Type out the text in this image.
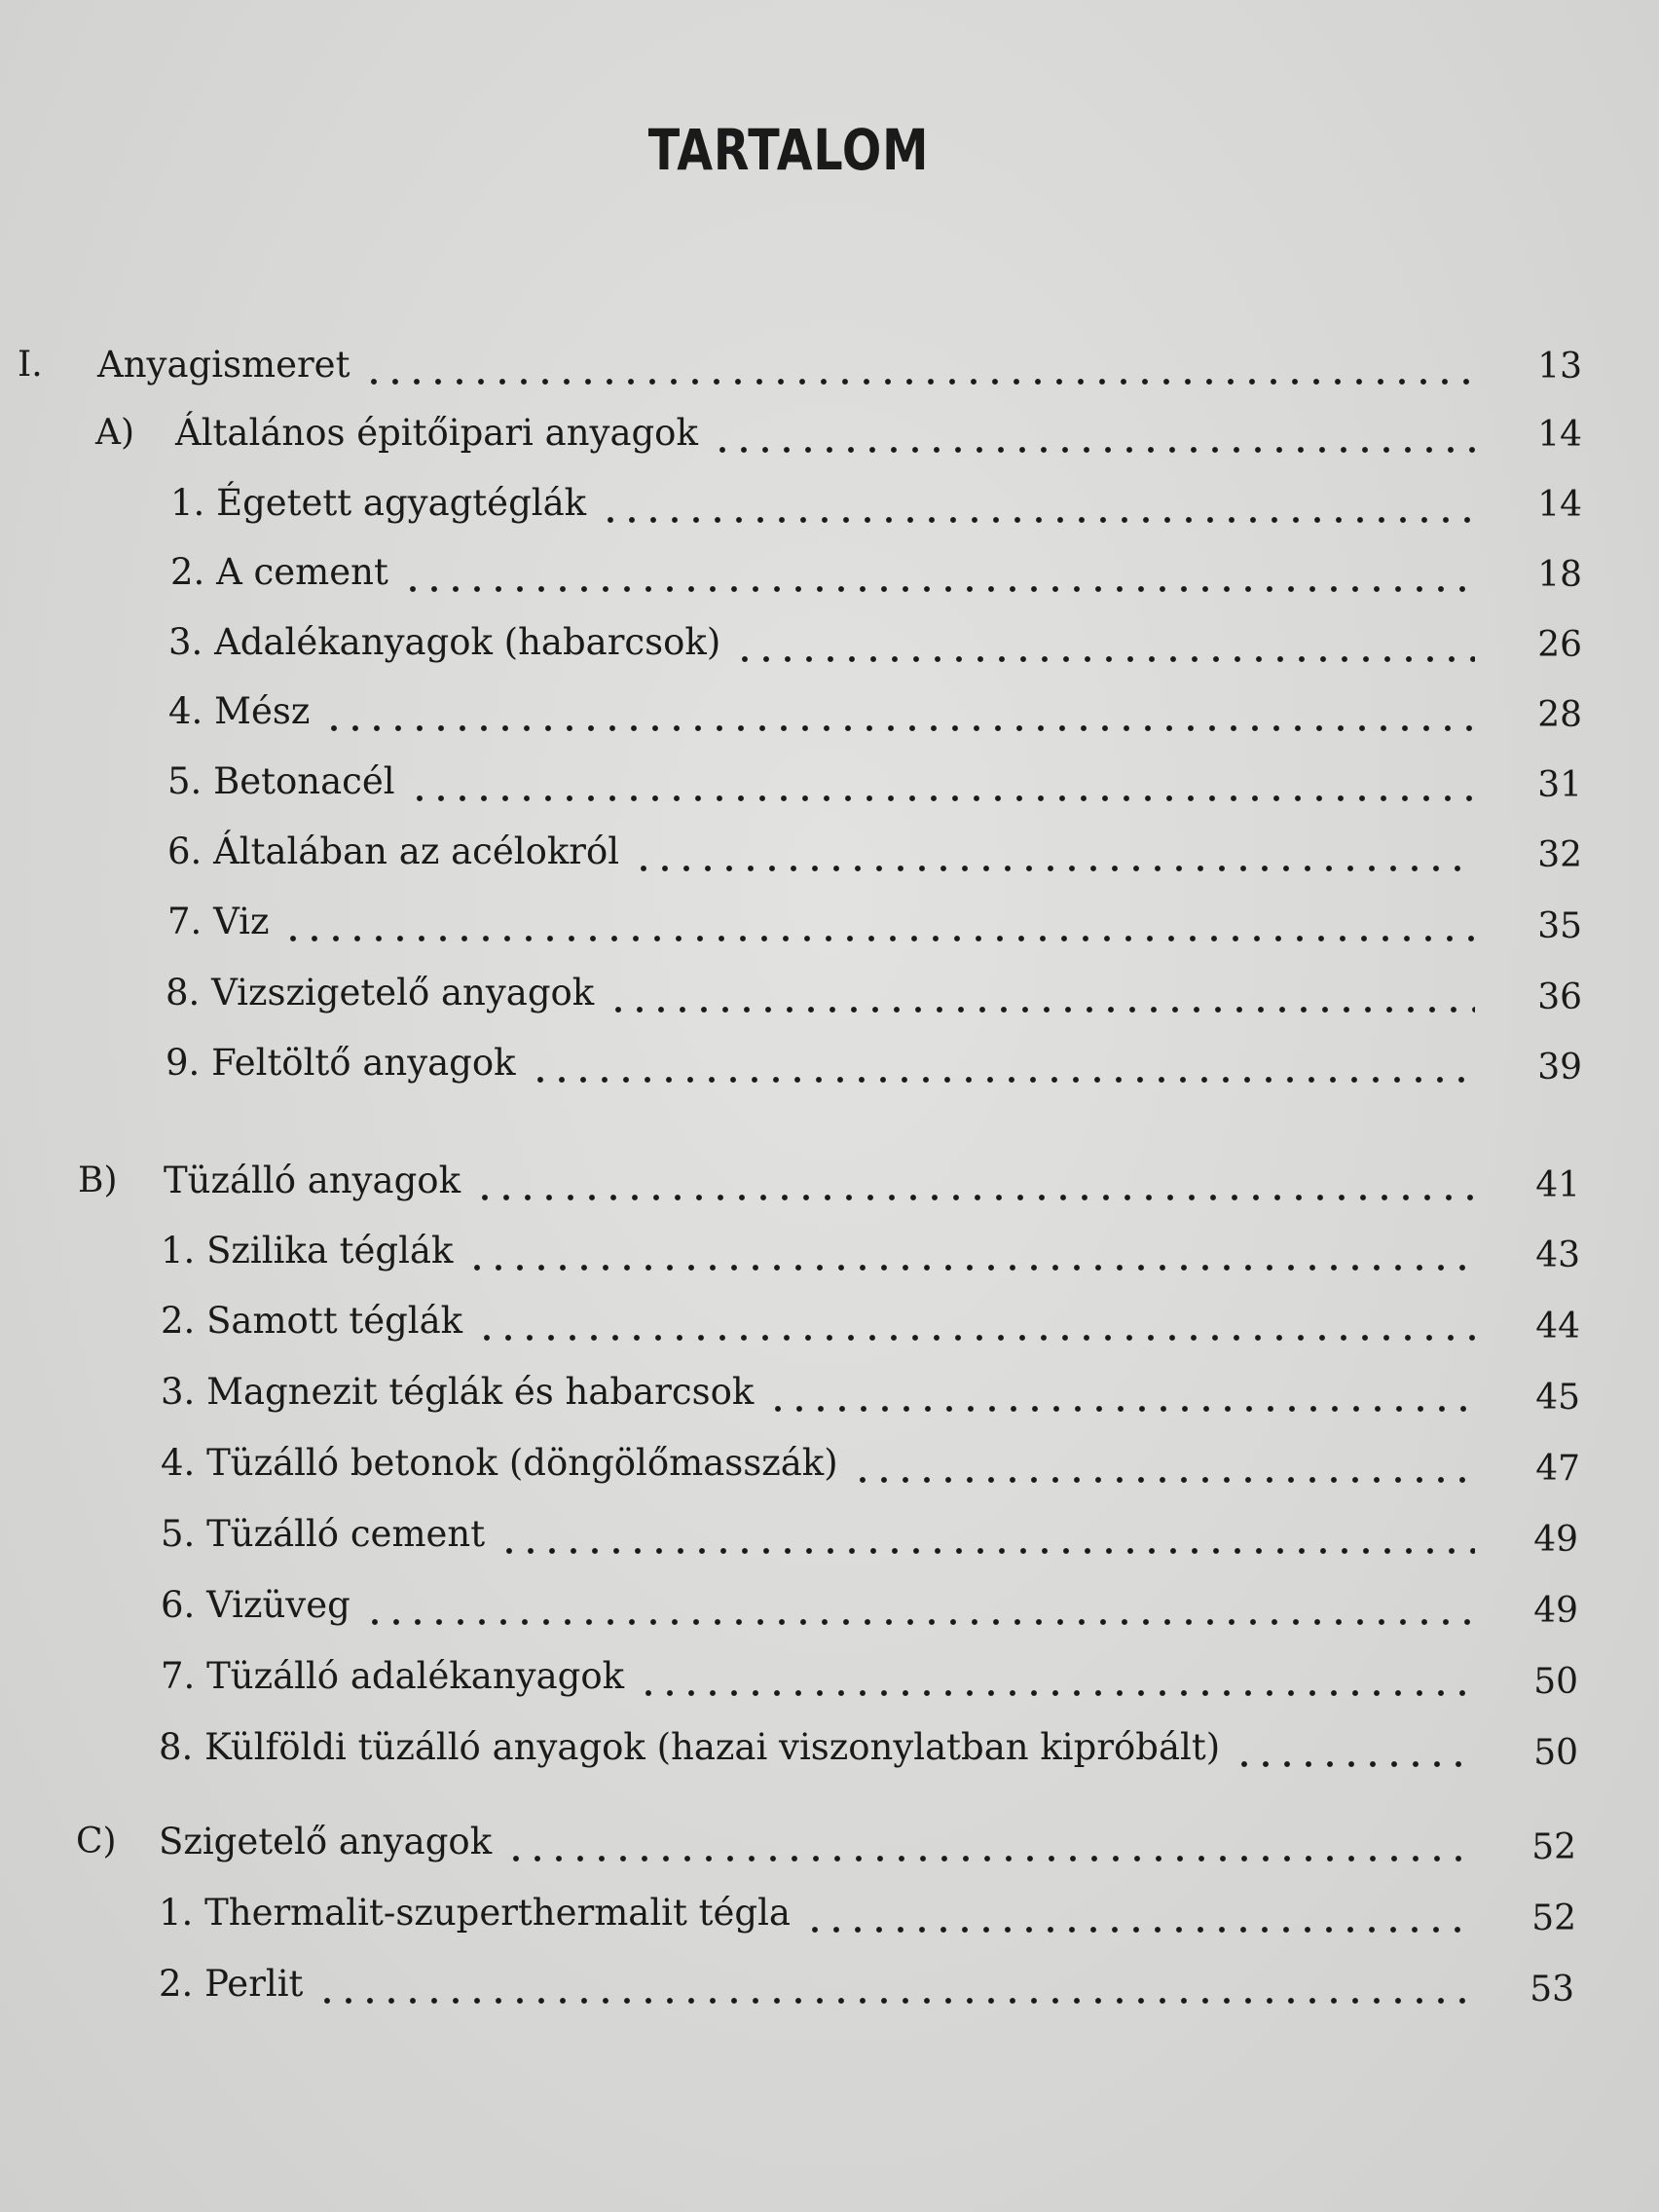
TARTALOM
I. Anyagismeret	13
A) Általános épitőipari anyagok	14
1. Égetett agyagtéglák	14
2. A cement	18
3. Adalékanyagok (habarcsok)	26
4. Mész	28
5. Betonacél	31
6. Általában az acélokról	32
7. Viz	35
8. Vizszigetelő anyagok	36
9. Feltöltő anyagok	39
B) Tüzálló anyagok	41
1. Szilika téglák	43
2. Samott téglák	44
3. Magnezit téglák és habarcsok	45
4. Tüzálló betonok (döngölőmasszák)	47
5. Tüzálló cement	49
6. Vizüveg	49
7. Tüzálló adalékanyagok	50
8. Külföldi tüzálló anyagok (hazai viszonylatban kipróbált)	50
C) Szigetelő anyagok	52
1. Thermalit-szuperthermalit tégla	52
2. Perlit	53
